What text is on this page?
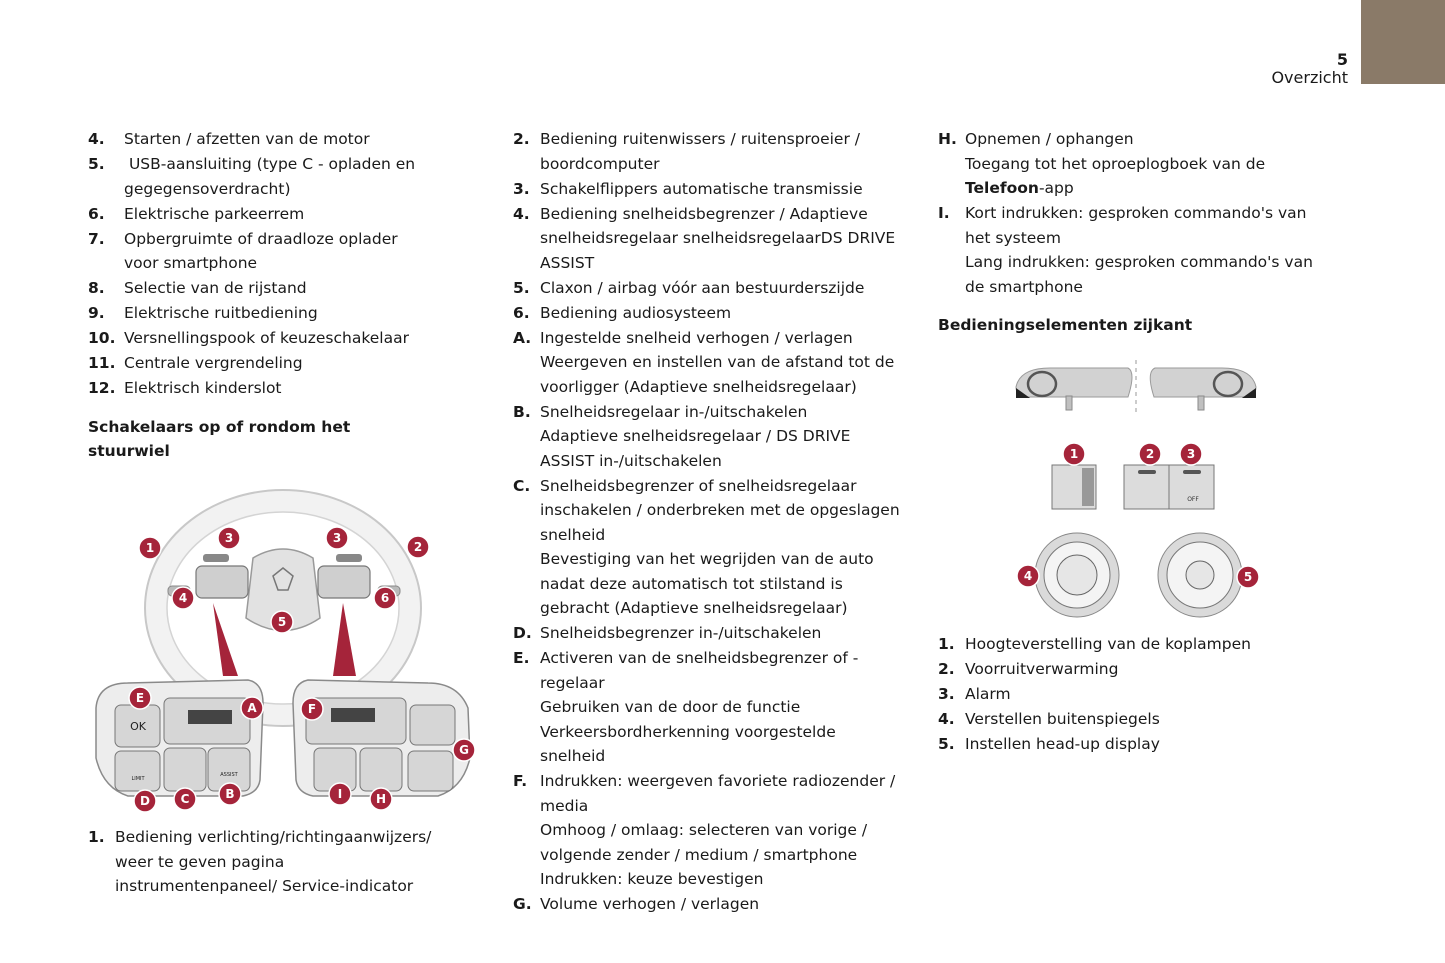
5
Overzicht
4.	Starten / afzetten van de motor
5.	USB-aansluiting (type C - opladen en gegegensoverdracht)
6.	Elektrische parkeerrem
7.	Opbergruimte of draadloze oplader voor smartphone
8.	Selectie van de rijstand
9.	Elektrische ruitbediening
10. Versnellingspook of keuzeschakelaar
11. Centrale vergrendeling
12. Elektrisch kinderslot
Schakelaars op of rondom het stuurwiel
OK
LIMIT
ASSIST
1	2
3	3
4
5
6
A
B
C
D
E
F
G
H
I
1. Bediening verlichting/richtingaanwijzers/ weer te geven pagina instrumentenpaneel/ Service-indicator
2. Bediening ruitenwissers / ruitensproeier / boordcomputer
3. Schakelflippers automatische transmissie
4. Bediening snelheidsbegrenzer / Adaptieve snelheidsregelaar snelheidsregelaarDS DRIVE ASSIST
5. Claxon / airbag vóór aan bestuurderszijde
6. Bediening audiosysteem
A. Ingestelde snelheid verhogen / verlagen
Weergeven en instellen van de afstand tot de voorligger (Adaptieve snelheidsregelaar)
B. Snelheidsregelaar in-/uitschakelen
Adaptieve snelheidsregelaar / DS DRIVE ASSIST in-/uitschakelen
C. Snelheidsbegrenzer of snelheidsregelaar inschakelen / onderbreken met de opgeslagen snelheid
Bevestiging van het wegrijden van de auto nadat deze automatisch tot stilstand is gebracht (Adaptieve snelheidsregelaar)
D. Snelheidsbegrenzer in-/uitschakelen
E. Activeren van de snelheidsbegrenzer of -regelaar
Gebruiken van de door de functie Verkeersbordherkenning voorgestelde snelheid
F. Indrukken: weergeven favoriete radiozender / media
Omhoog / omlaag: selecteren van vorige / volgende zender / medium / smartphone
Indrukken: keuze bevestigen
G. Volume verhogen / verlagen
H. Opnemen / ophangen
Toegang tot het oproeplogboek van de Telefoon-app
I. Kort indrukken: gesproken commando's van het systeem
Lang indrukken: gesproken commando's van de smartphone
Bedieningselementen zijkant
OFF
1	2	3
4	5
1. Hoogteverstelling van de koplampen
2. Voorruitverwarming
3. Alarm
4. Verstellen buitenspiegels
5. Instellen head-up display
